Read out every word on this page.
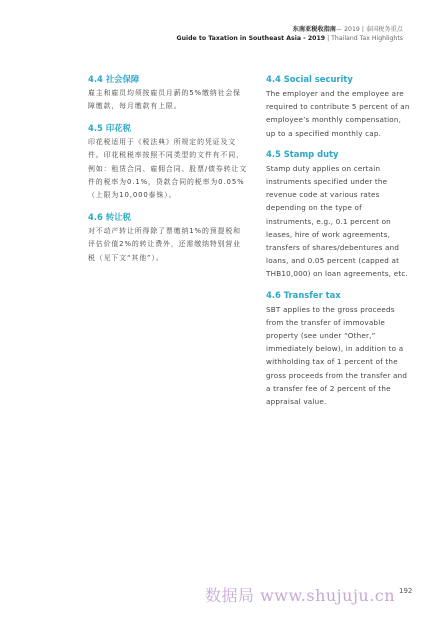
东南亚税收指南— 2019 | 泰国税务重点
Guide to Taxation in Southeast Asia - 2019 | Thailand Tax Highlights
4.4 社会保障

雇主和雇员均须按雇员月薪的5%缴纳社会保障缴款，每月缴款有上限。

4.5 印花税

印花税适用于《税法典》所规定的凭证及文件。印花税税率按照不同类型的文件有不同，例如：租赁合同、雇佣合同、股票/债券转让文件的税率为0.1%，贷款合同的税率为0.05%（上限为10,000泰铢）。

4.6 转让税

对不动产转让所得除了票缴纳1%的预提税和评估价值2%的转让费外，还需缴纳特别营业税（见下文“其他”）。

4.4 Social security

The employer and the employee are required to contribute 5 percent of an employee’s monthly compensation, up to a specified monthly cap.

4.5 Stamp duty

Stamp duty applies on certain instruments specified under the revenue code at various rates depending on the type of instruments, e.g., 0.1 percent on leases, hire of work agreements, transfers of shares/debentures and loans, and 0.05 percent (capped at THB10,000) on loan agreements, etc.

4.6 Transfer tax

SBT applies to the gross proceeds from the transfer of immovable property (see under “Other,” immediately below), in addition to a withholding tax of 1 percent of the gross proceeds from the transfer and a transfer fee of 2 percent of the appraisal value.

数据局 www.shujuju.cn 192
